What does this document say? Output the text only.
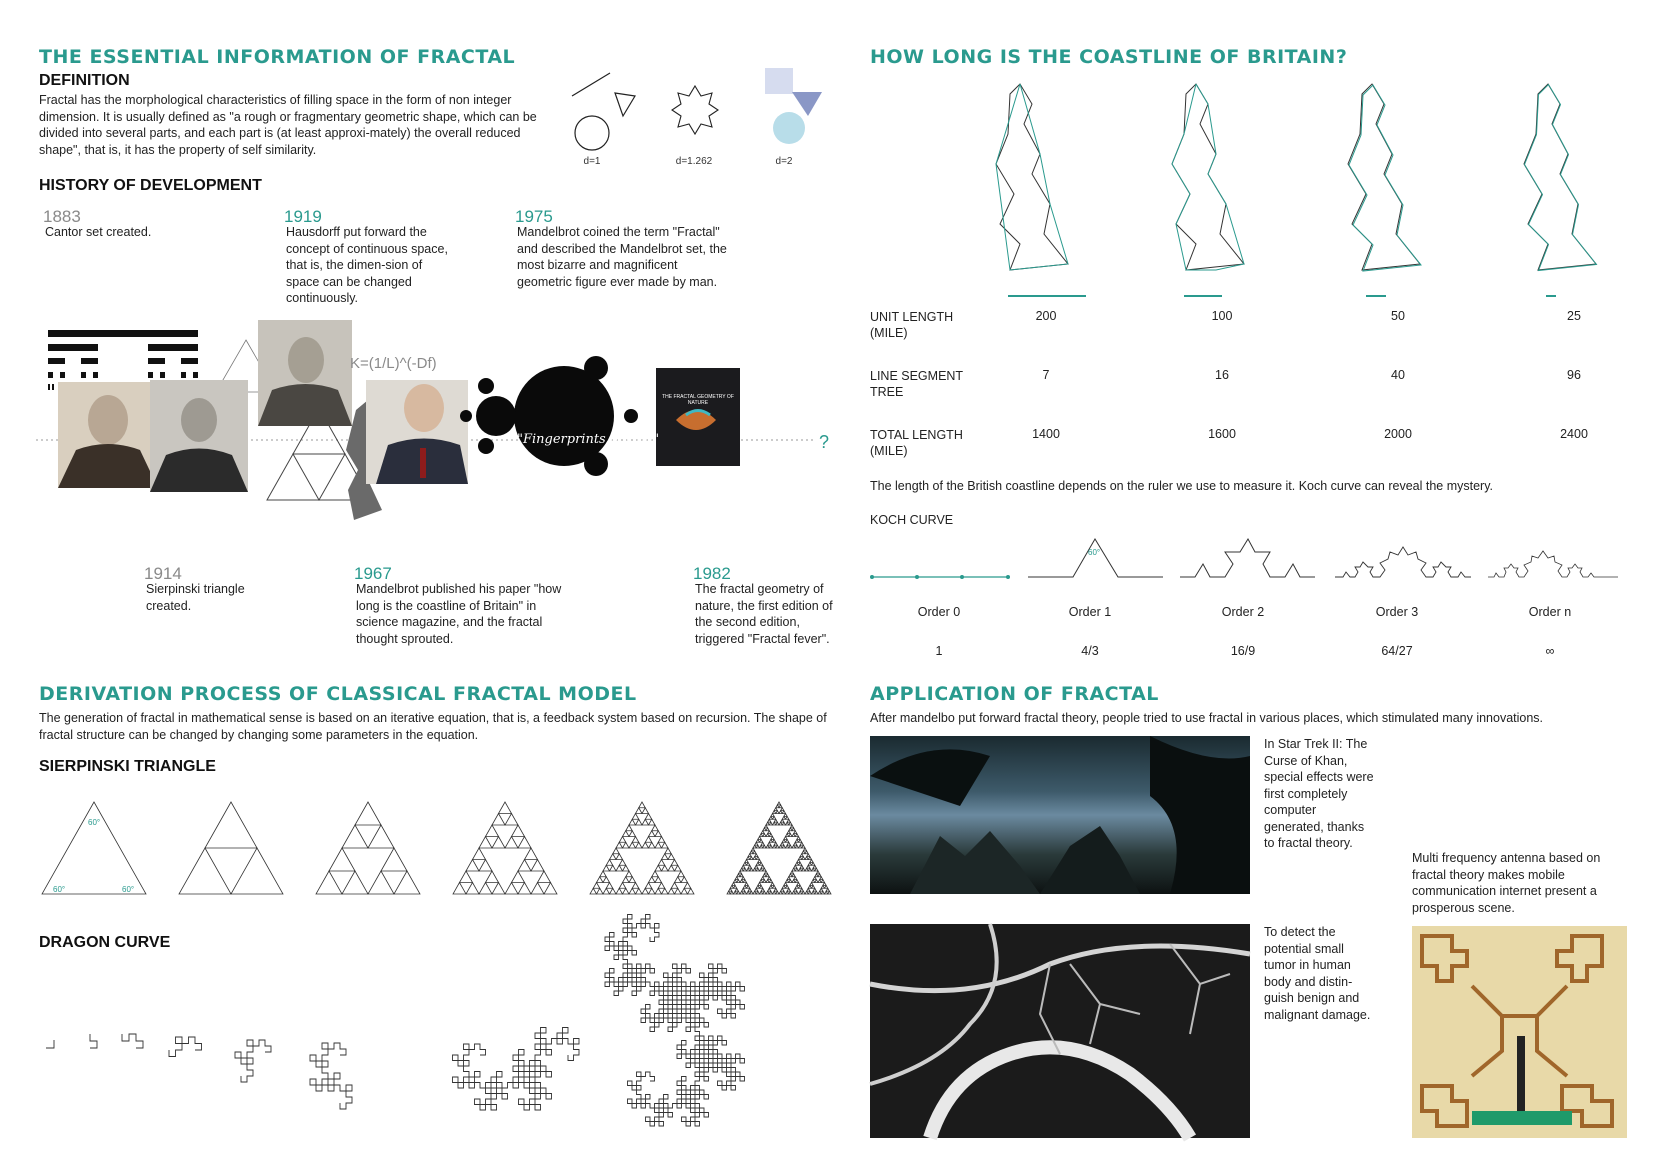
THE ESSENTIAL INFORMATION OF FRACTAL
DEFINITION
Fractal has the morphological characteristics of filling space in the form of non integer dimension. It is usually defined as "a rough or fragmentary geometric shape, which can be divided into several parts, and each part is (at least approxi-mately) the overall reduced shape", that is, it has the property of self similarity.
d=1	d=1.262	d=2
HISTORY OF DEVELOPMENT
1883
Cantor set created.
1919
Hausdorff put forward the concept of continuous space, that is, the dimen-sion of space can be changed continuously.
1975
Mandelbrot coined the term "Fractal" and described the Mandelbrot set, the most bizarre and magnificent geometric figure ever made by man.
K=(1/L)^(-Df)
"Fingerprints of God"	?
THE FRACTAL GEOMETRY OF NATURE
1914
Sierpinski triangle created.
1967
Mandelbrot published his paper "how long is the coastline of Britain" in science magazine, and the fractal thought sprouted.
1982
The fractal geometry of nature, the first edition of the second edition, triggered "Fractal fever".
HOW LONG IS THE COASTLINE OF BRITAIN?
UNIT LENGTH (MILE)
200	100	50	25
LINE SEGMENT TREE
7	16	40	96
TOTAL LENGTH (MILE)
1400	1600	2000	2400
The length of the British coastline depends on the ruler we use to measure it. Koch curve can reveal the mystery.
KOCH CURVE
60°
Order 0	Order 1	Order 2	Order 3	Order n
1	4/3	16/9	64/27	∞
DERIVATION PROCESS OF CLASSICAL FRACTAL MODEL
The generation of fractal in mathematical sense is based on an iterative equation, that is, a feedback system based on recursion. The shape of fractal structure can be changed by changing some parameters in the equation.
SIERPINSKI TRIANGLE
60°
60°	60°
DRAGON CURVE
APPLICATION OF FRACTAL
After mandelbo put forward fractal theory, people tried to use fractal in various places, which stimulated many innovations.
In Star Trek II: The Curse of Khan, special effects were first completely computer generated, thanks to fractal theory.
Multi frequency antenna based on fractal theory makes mobile communication internet present a prosperous scene.
To detect the potential small tumor in human body and distin-guish benign and malignant damage.
